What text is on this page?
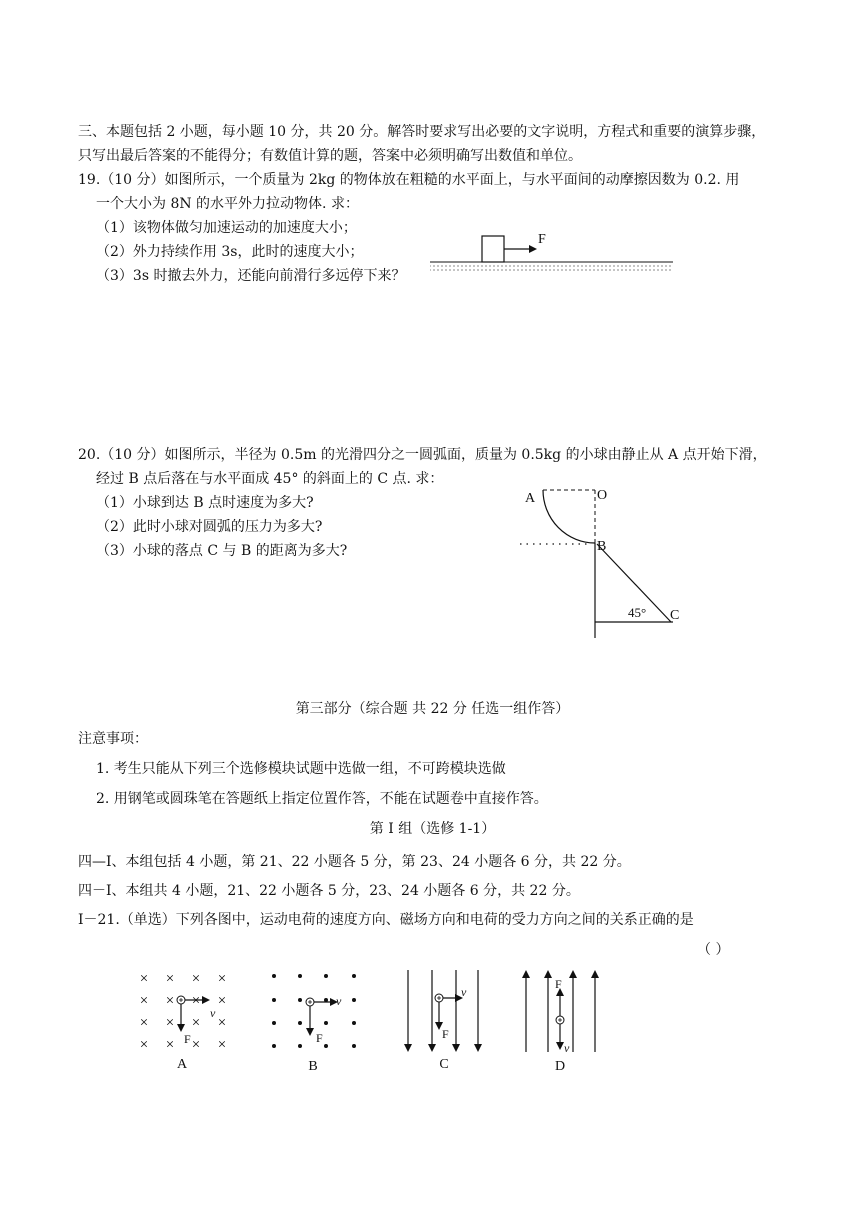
三、本题包括 2 小题，每小题 10 分，共 20 分。解答时要求写出必要的文字说明，方程式和重要的演算步骤，
只写出最后答案的不能得分；有数值计算的题，答案中必须明确写出数值和单位。
19.（10 分）如图所示，一个质量为 2kg 的物体放在粗糙的水平面上，与水平面间的动摩擦因数为 0.2. 用
一个大小为 8N 的水平外力拉动物体. 求：
（1）该物体做匀加速运动的加速度大小；
（2）外力持续作用 3s，此时的速度大小；
（3）3s 时撤去外力，还能向前滑行多远停下来？
F
20.（10 分）如图所示，半径为 0.5m 的光滑四分之一圆弧面，质量为 0.5kg 的小球由静止从 A 点开始下滑，
经过 B 点后落在与水平面成 45° 的斜面上的 C 点. 求：
（1）小球到达 B 点时速度为多大?
（2）此时小球对圆弧的压力为多大?
（3）小球的落点 C 与 B 的距离为多大?
A	O
B
C
45°
第三部分（综合题 共 22 分 任选一组作答）
注意事项：
1. 考生只能从下列三个选修模块试题中选做一组，不可跨模块选做
2. 用钢笔或圆珠笔在答题纸上指定位置作答，不能在试题卷中直接作答。
第 Ⅰ 组（选修 1-1）
四—Ⅰ、本组包括 4 小题，第 21、22 小题各 5 分，第 23、24 小题各 6 分，共 22 分。
四－Ⅰ、本组共 4 小题，21、22 小题各 5 分，23、24 小题各 6 分，共 22 分。
Ⅰ－21.（单选）下列各图中，运动电荷的速度方向、磁场方向和电荷的受力方向之间的关系正确的是
（ ）
× × × ×
× × × ×
× × × ×
× × × ×
v
F
A
v
F
B
v
F
C
F
v
D
